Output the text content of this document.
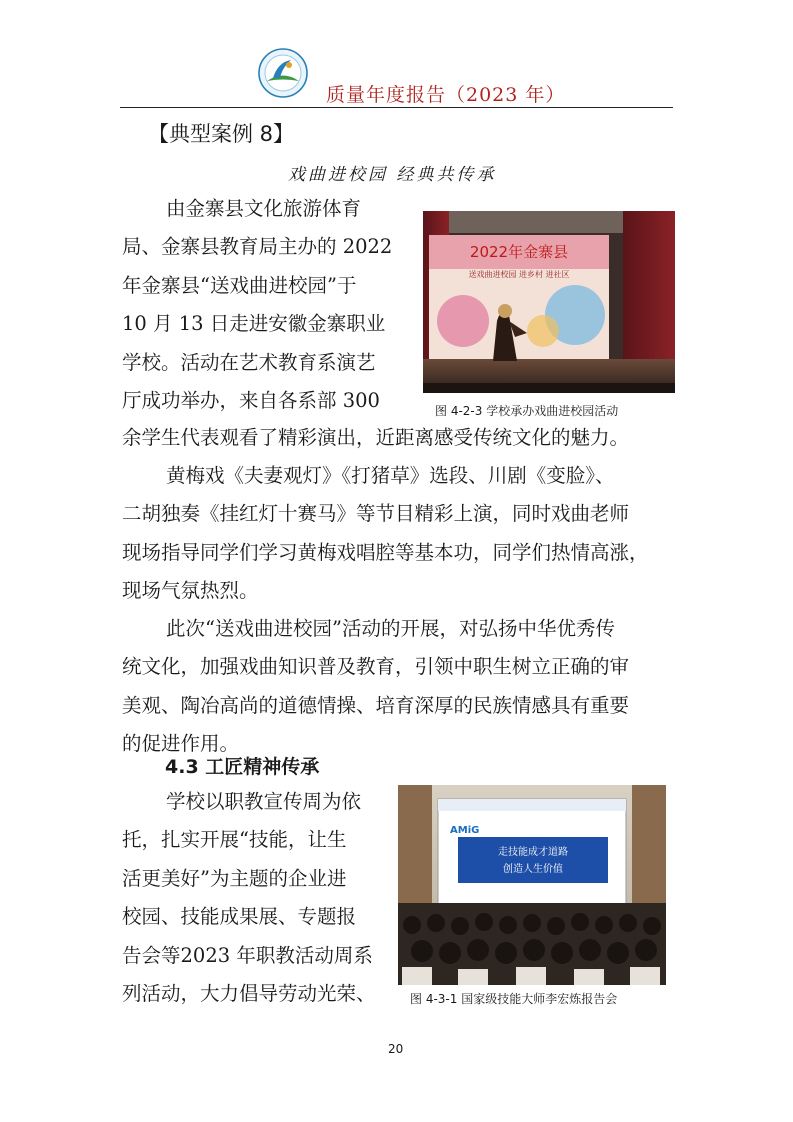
质量年度报告（2023 年）
【典型案例 8】
戏曲进校园 经典共传承
由金寨县文化旅游体育
局、金寨县教育局主办的 2022
年金寨县“送戏曲进校园”于
10 月 13 日走进安徽金寨职业
学校。活动在艺术教育系演艺
厅成功举办，来自各系部 300
余学生代表观看了精彩演出，近距离感受传统文化的魅力。
2022年金寨县
送戏曲进校园 进乡村 进社区
图 4-2-3 学校承办戏曲进校园活动
黄梅戏《夫妻观灯》《打猪草》选段、川剧《变脸》、
二胡独奏《挂红灯十赛马》等节目精彩上演，同时戏曲老师
现场指导同学们学习黄梅戏唱腔等基本功，同学们热情高涨，
现场气氛热烈。
此次“送戏曲进校园”活动的开展，对弘扬中华优秀传
统文化，加强戏曲知识普及教育，引领中职生树立正确的审
美观、陶冶高尚的道德情操、培育深厚的民族情感具有重要
的促进作用。
4.3 工匠精神传承
学校以职教宣传周为依
托，扎实开展“技能，让生
活更美好”为主题的企业进
校园、技能成果展、专题报
告会等2023 年职教活动周系
列活动，大力倡导劳动光荣、
AMiG
走技能成才道路
创造人生价值
图 4-3-1 国家级技能大师李宏炼报告会
20
